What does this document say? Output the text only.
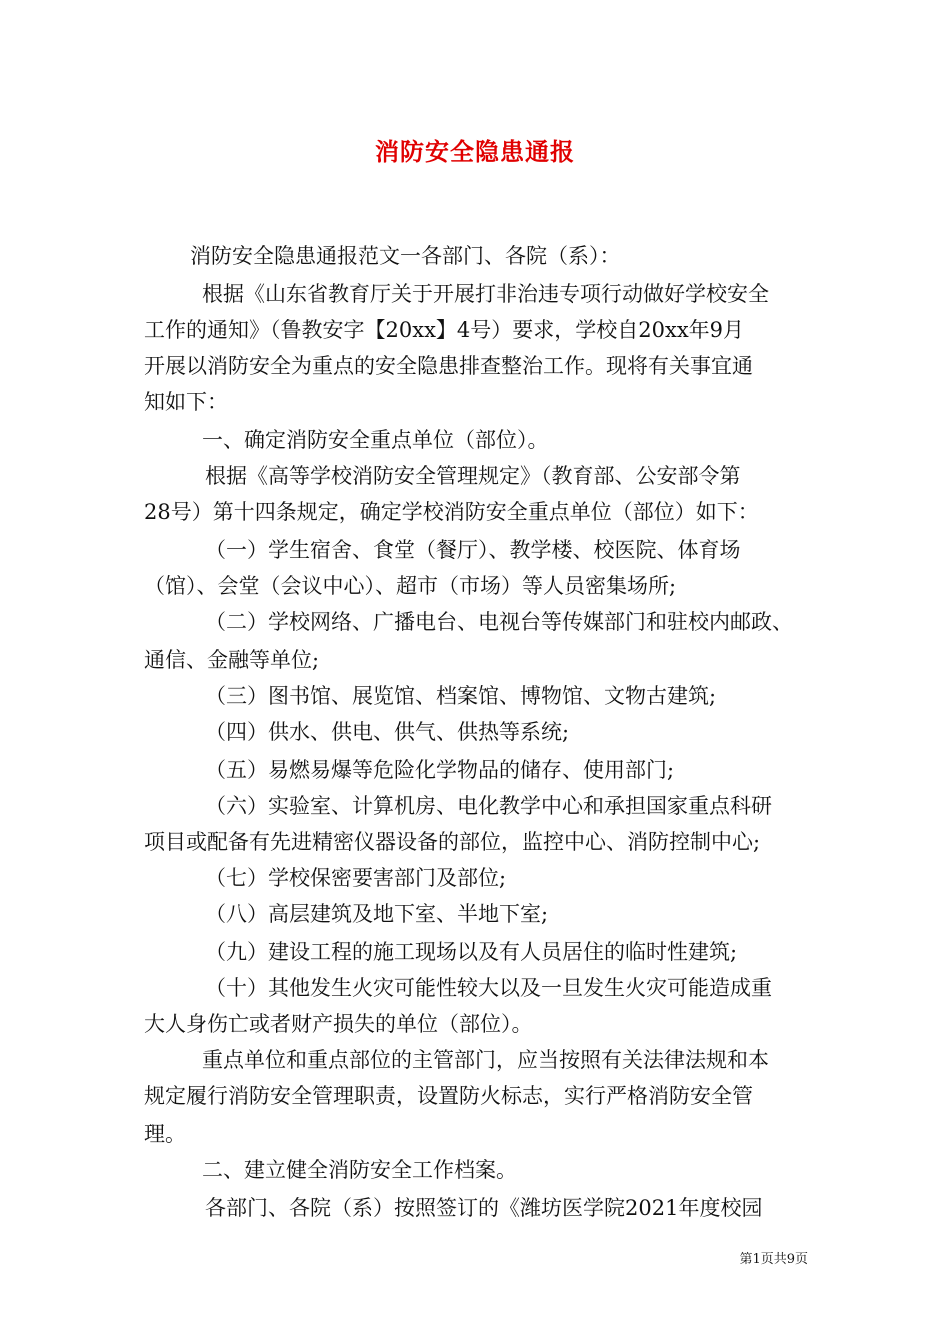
消防安全隐患通报
消防安全隐患通报范文一各部门、各院（系）：
根据《山东省教育厅关于开展打非治违专项行动做好学校安全
工作的通知》（鲁教安字【20xx】4号）要求，学校自20xx年9月
开展以消防安全为重点的安全隐患排查整治工作。现将有关事宜通
知如下：
一、确定消防安全重点单位（部位）。
根据《高等学校消防安全管理规定》（教育部、公安部令第
28号）第十四条规定，确定学校消防安全重点单位（部位）如下：
（一）学生宿舍、食堂（餐厅）、教学楼、校医院、体育场
（馆）、会堂（会议中心）、超市（市场）等人员密集场所;
（二）学校网络、广播电台、电视台等传媒部门和驻校内邮政、
通信、金融等单位;
（三）图书馆、展览馆、档案馆、博物馆、文物古建筑;
（四）供水、供电、供气、供热等系统;
（五）易燃易爆等危险化学物品的储存、使用部门;
（六）实验室、计算机房、电化教学中心和承担国家重点科研
项目或配备有先进精密仪器设备的部位，监控中心、消防控制中心;
（七）学校保密要害部门及部位;
（八）高层建筑及地下室、半地下室;
（九）建设工程的施工现场以及有人员居住的临时性建筑;
（十）其他发生火灾可能性较大以及一旦发生火灾可能造成重
大人身伤亡或者财产损失的单位（部位）。
重点单位和重点部位的主管部门，应当按照有关法律法规和本
规定履行消防安全管理职责，设置防火标志，实行严格消防安全管
理。
二、建立健全消防安全工作档案。
各部门、各院（系）按照签订的《潍坊医学院2021年度校园
第1页共9页
